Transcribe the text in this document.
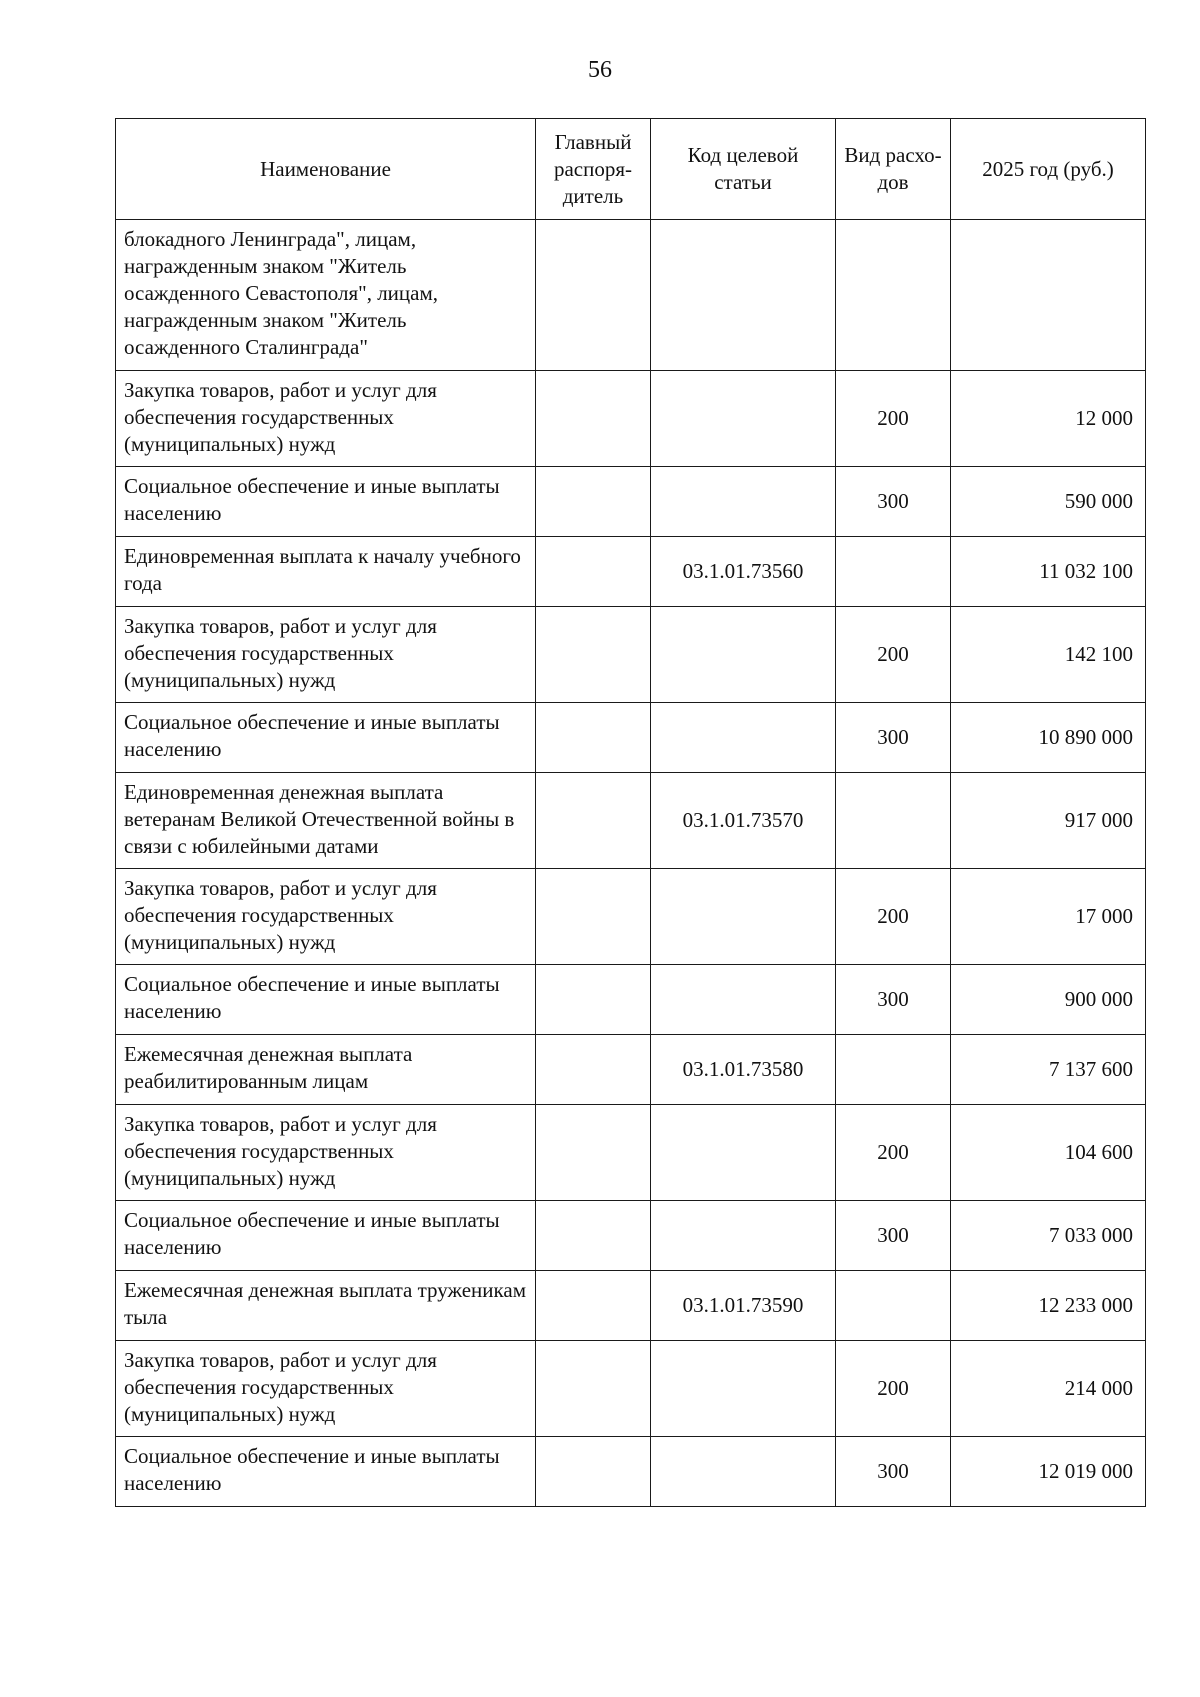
56
Наименование	Главный распоря-дитель	Код целевой статьи	Вид расхо-дов	2025 год (руб.)
блокадного Ленинграда", лицам, награжденным знаком "Житель осажденного Севастополя", лицам, награжденным знаком "Житель осажденного Сталинграда"				
Закупка товаров, работ и услуг для обеспечения государственных (муниципальных) нужд			200	12 000
Социальное обеспечение и иные выплаты населению			300	590 000
Единовременная выплата к началу учебного года		03.1.01.73560		11 032 100
Закупка товаров, работ и услуг для обеспечения государственных (муниципальных) нужд			200	142 100
Социальное обеспечение и иные выплаты населению			300	10 890 000
Единовременная денежная выплата ветеранам Великой Отечественной войны в связи с юбилейными датами		03.1.01.73570		917 000
Закупка товаров, работ и услуг для обеспечения государственных (муниципальных) нужд			200	17 000
Социальное обеспечение и иные выплаты населению			300	900 000
Ежемесячная денежная выплата реабилитированным лицам		03.1.01.73580		7 137 600
Закупка товаров, работ и услуг для обеспечения государственных (муниципальных) нужд			200	104 600
Социальное обеспечение и иные выплаты населению			300	7 033 000
Ежемесячная денежная выплата труженикам тыла		03.1.01.73590		12 233 000
Закупка товаров, работ и услуг для обеспечения государственных (муниципальных) нужд			200	214 000
Социальное обеспечение и иные выплаты населению			300	12 019 000
